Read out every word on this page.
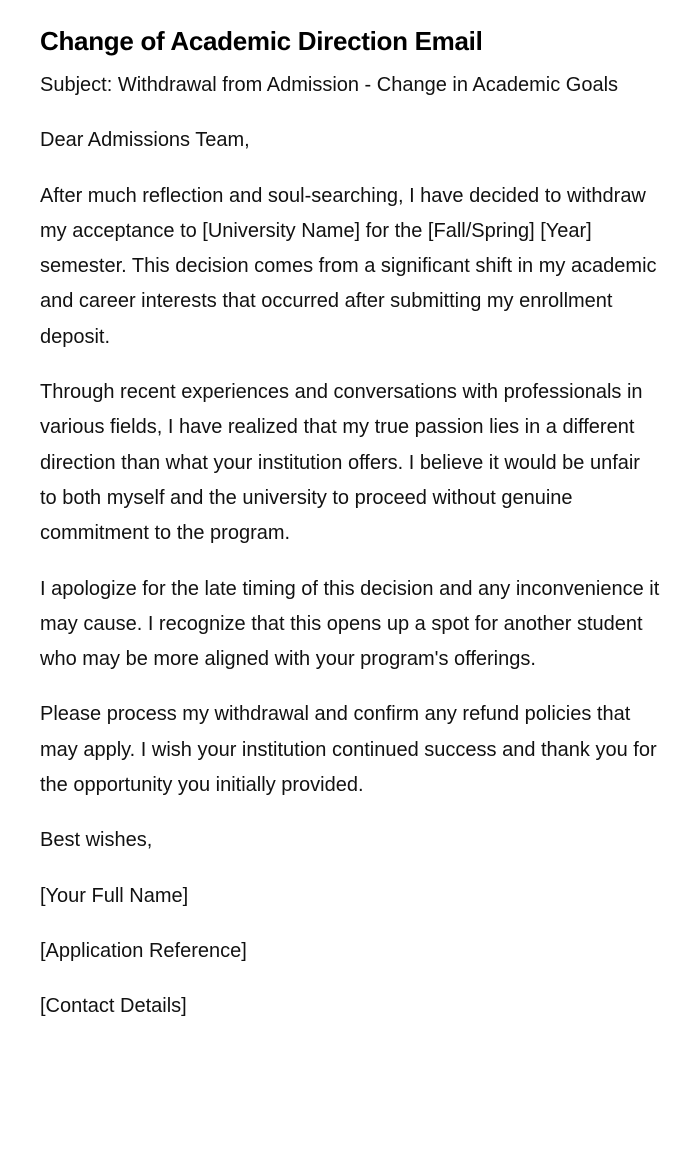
Change of Academic Direction Email

Subject: Withdrawal from Admission - Change in Academic Goals

Dear Admissions Team,

After much reflection and soul-searching, I have decided to withdraw my acceptance to [University Name] for the [Fall/Spring] [Year] semester. This decision comes from a significant shift in my academic and career interests that occurred after submitting my enrollment deposit.

Through recent experiences and conversations with professionals in various fields, I have realized that my true passion lies in a different direction than what your institution offers. I believe it would be unfair to both myself and the university to proceed without genuine commitment to the program.

I apologize for the late timing of this decision and any inconvenience it may cause. I recognize that this opens up a spot for another student who may be more aligned with your program's offerings.

Please process my withdrawal and confirm any refund policies that may apply. I wish your institution continued success and thank you for the opportunity you initially provided.

Best wishes,

[Your Full Name]

[Application Reference]

[Contact Details]
